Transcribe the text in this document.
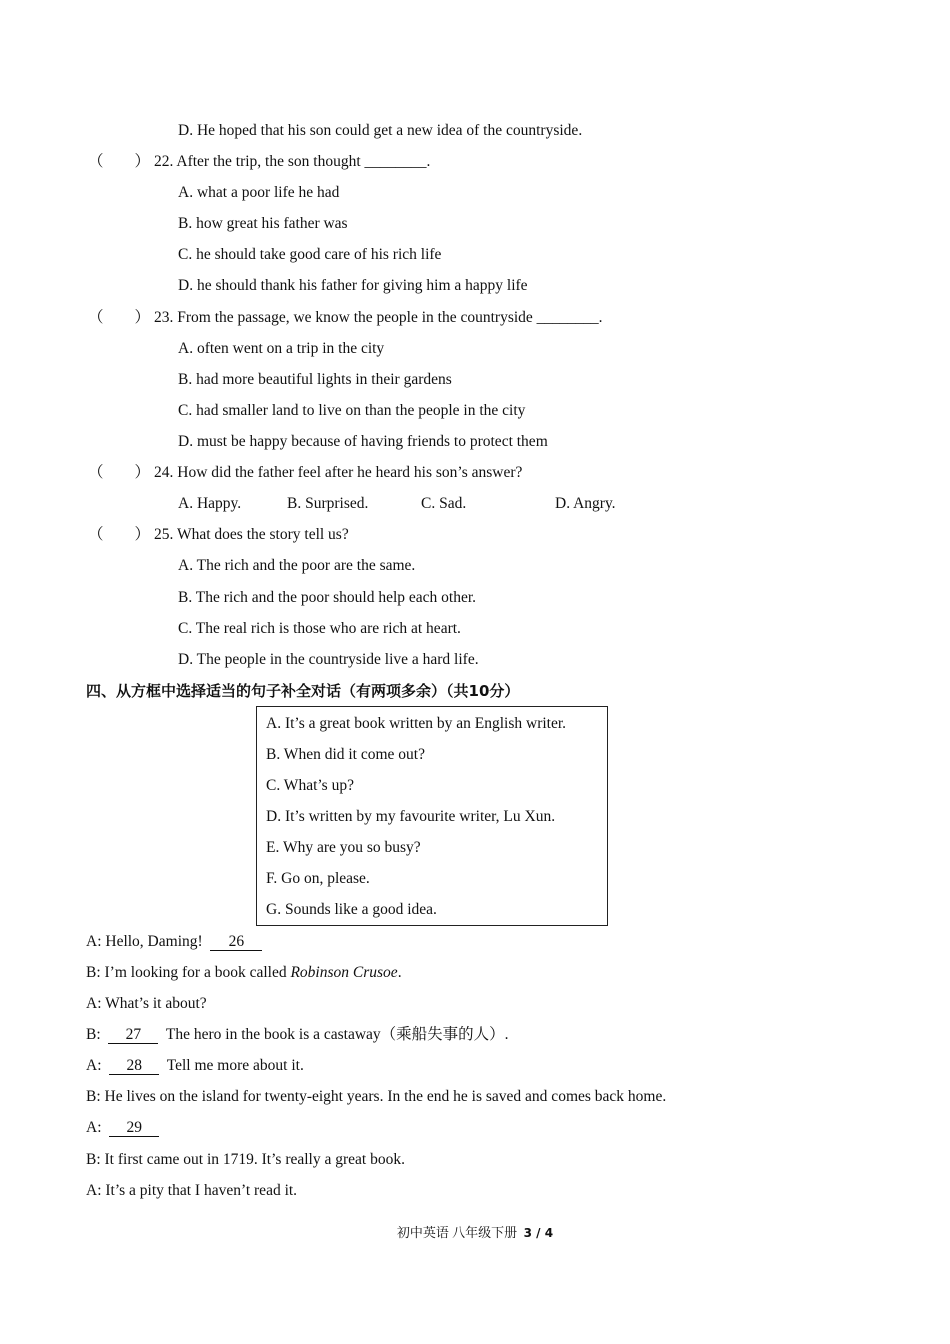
D. He hoped that his son could get a new idea of the countryside.
（　　） 22. After the trip, the son thought ________.
A. what a poor life he had
B. how great his father was
C. he should take good care of his rich life
D. he should thank his father for giving him a happy life
（　　） 23. From the passage, we know the people in the countryside ________.
A. often went on a trip in the city
B. had more beautiful lights in their gardens
C. had smaller land to live on than the people in the city
D. must be happy because of having friends to protect them
（　　） 24. How did the father feel after he heard his son’s answer?
A. Happy.	B. Surprised.	C. Sad.	D. Angry.
（　　） 25. What does the story tell us?
A. The rich and the poor are the same.
B. The rich and the poor should help each other.
C. The real rich is those who are rich at heart.
D. The people in the countryside live a hard life.
四、从方框中选择适当的句子补全对话（有两项多余）（共10分）
A. It’s a great book written by an English writer.
B. When did it come out?
C. What’s up?
D. It’s written by my favourite writer, Lu Xun.
E. Why are you so busy?
F. Go on, please.
G. Sounds like a good idea.
A: Hello, Daming! 26
B: I’m looking for a book called Robinson Crusoe.
A: What’s it about?
B: 27 The hero in the book is a castaway（乘船失事的人）.
A: 28 Tell me more about it.
B: He lives on the island for twenty-eight years. In the end he is saved and comes back home.
A: 29
B: It first came out in 1719. It’s really a great book.
A: It’s a pity that I haven’t read it.
初中英语 八年级下册 3 / 4
